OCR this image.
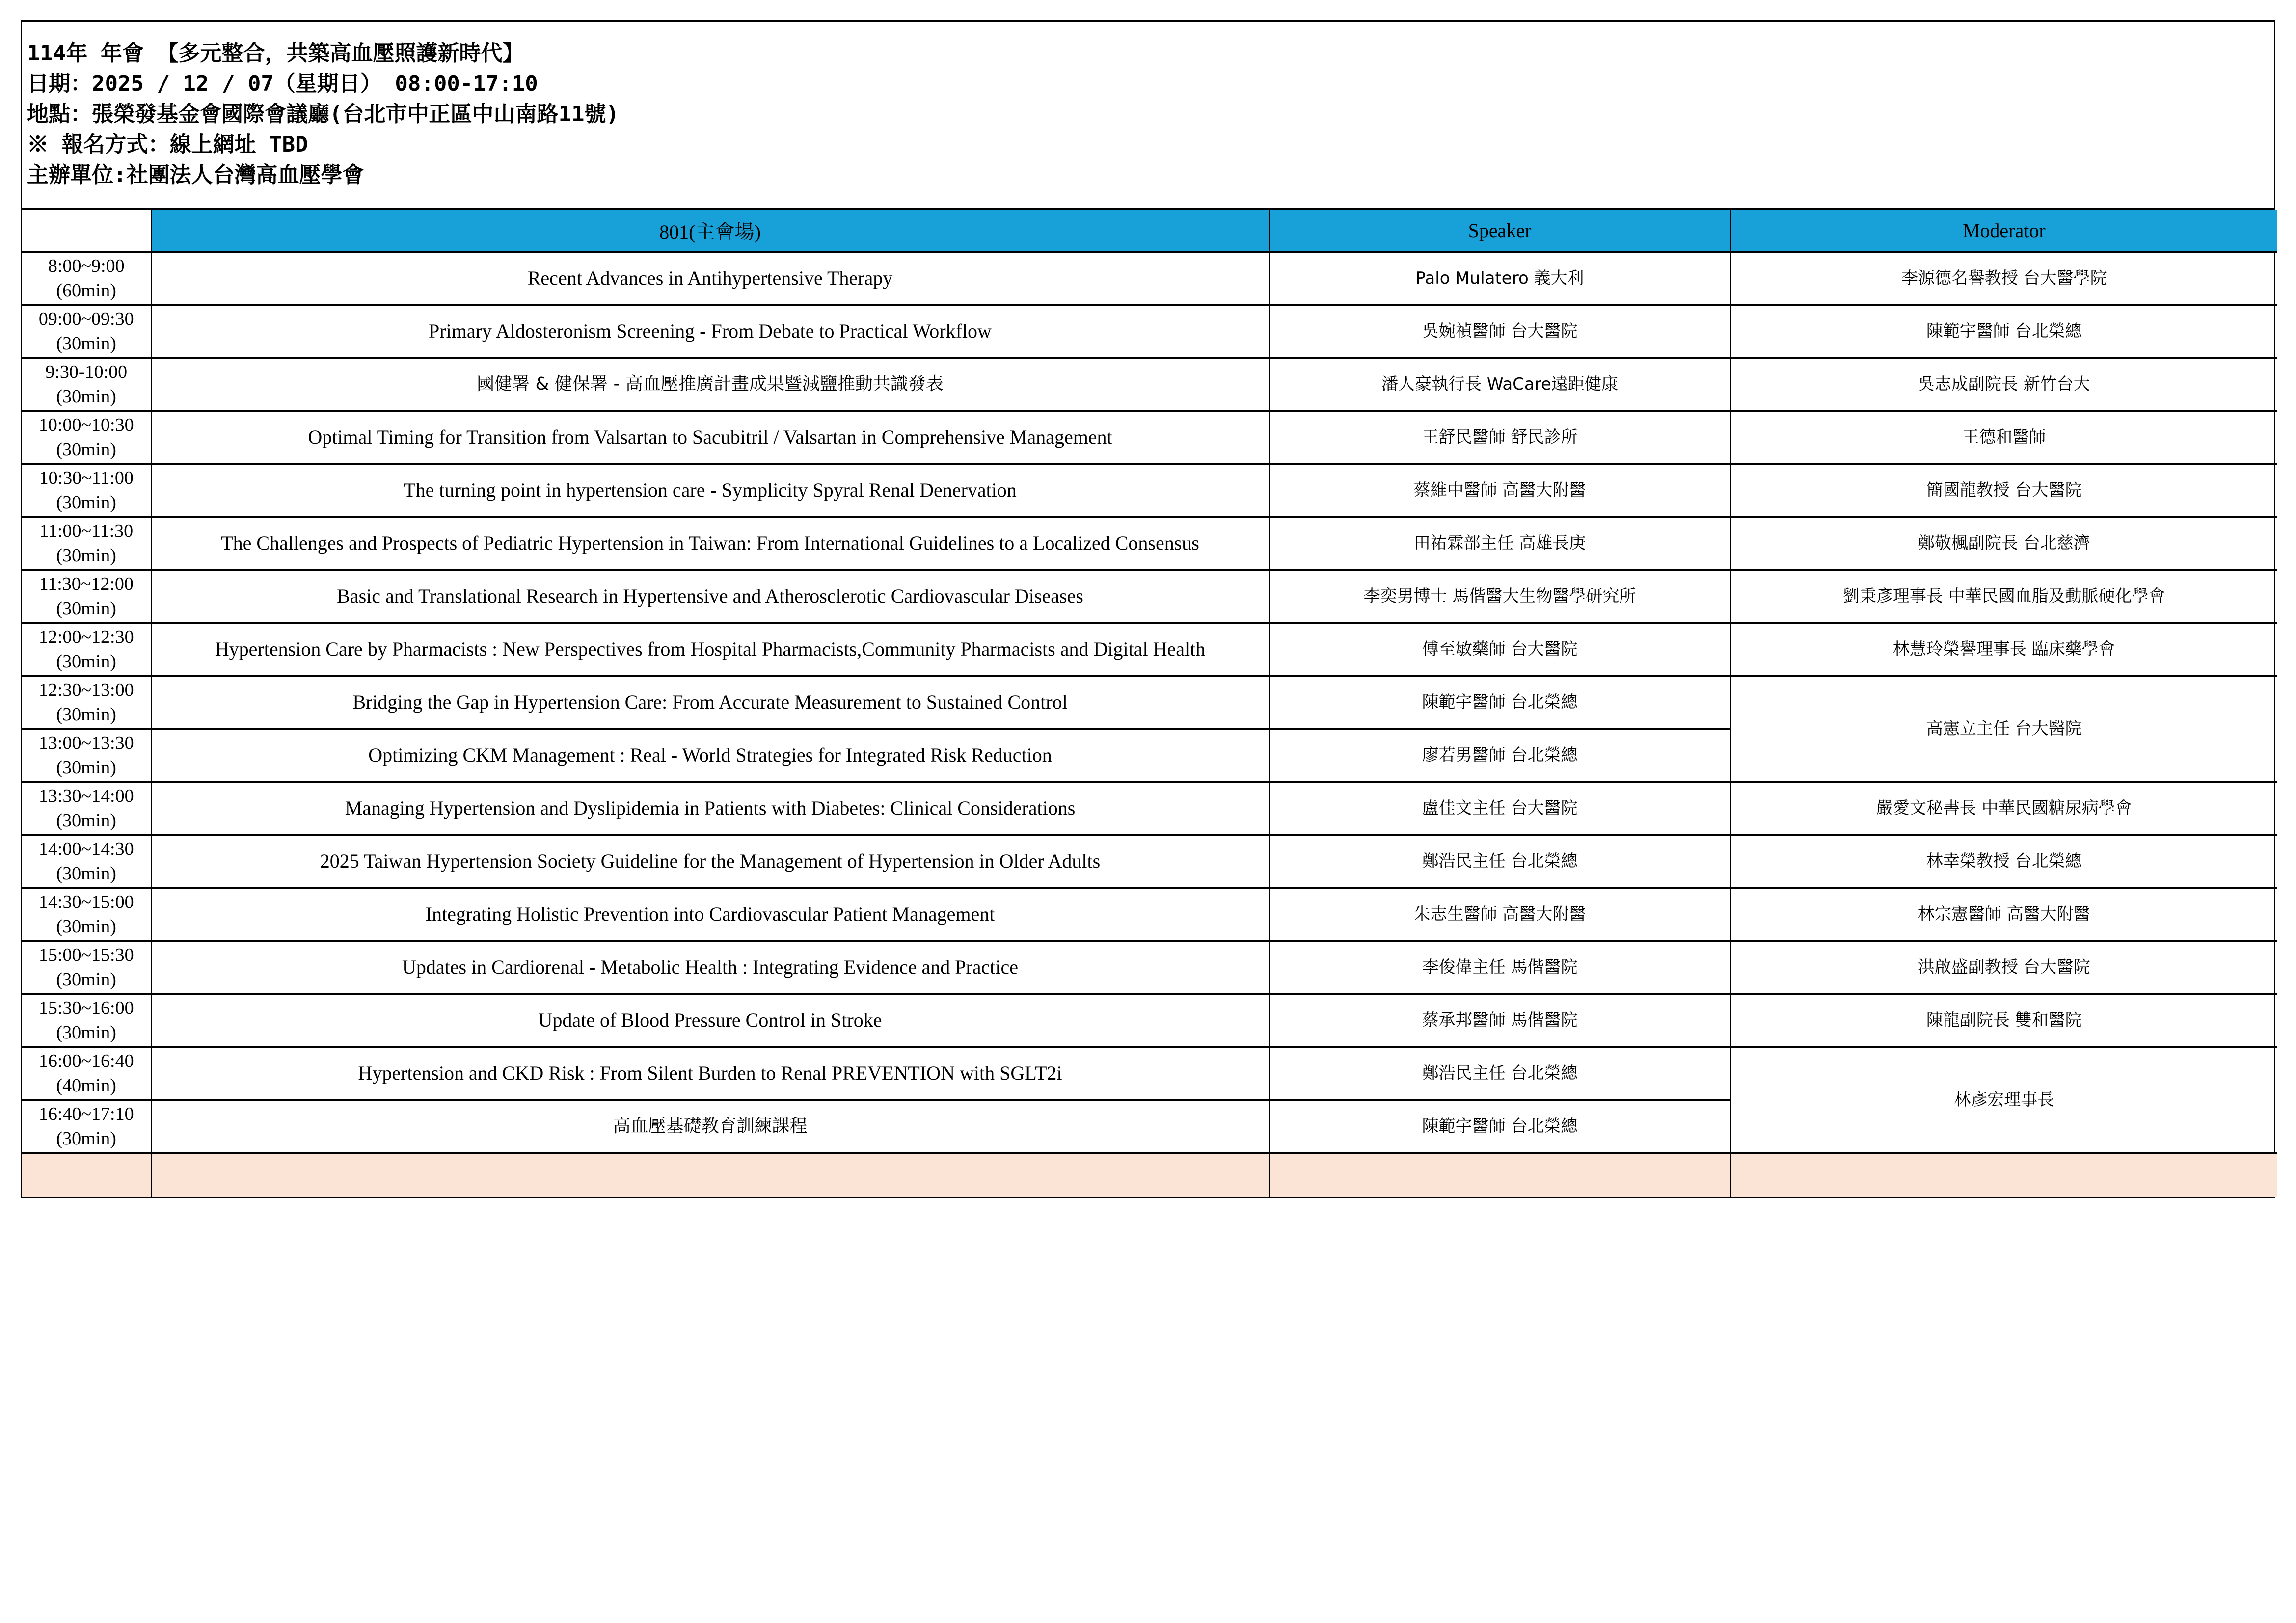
114年 年會 【多元整合，共築高血壓照護新時代】
日期：2025 / 12 / 07（星期日） 08:00-17:10
地點：張榮發基金會國際會議廳(台北市中正區中山南路11號)
※ 報名方式：線上網址 TBD
主辦單位:社團法人台灣高血壓學會
	801(主會場)	Speaker	Moderator

8:00~9:00
(60min)	Recent Advances in Antihypertensive Therapy	Palo Mulatero 義大利	李源德名譽教授 台大醫學院

09:00~09:30
(30min)	Primary Aldosteronism Screening - From Debate to Practical Workflow	吳婉禎醫師 台大醫院	陳範宇醫師 台北榮總

9:30-10:00
(30min)	國健署 & 健保署 - 高血壓推廣計畫成果暨減鹽推動共識發表	潘人豪執行長 WaCare遠距健康	吳志成副院長 新竹台大

10:00~10:30
(30min)	Optimal Timing for Transition from Valsartan to Sacubitril / Valsartan in Comprehensive Management	王舒民醫師 舒民診所	王德和醫師

10:30~11:00
(30min)	The turning point in hypertension care - Symplicity Spyral Renal Denervation	蔡維中醫師 高醫大附醫	簡國龍教授 台大醫院

11:00~11:30
(30min)	The Challenges and Prospects of Pediatric Hypertension in Taiwan: From International Guidelines to a Localized Consensus	田祐霖部主任 高雄長庚	鄭敬楓副院長 台北慈濟

11:30~12:00
(30min)	Basic and Translational Research in Hypertensive and Atherosclerotic Cardiovascular Diseases	李奕男博士 馬偕醫大生物醫學研究所	劉秉彥理事長 中華民國血脂及動脈硬化學會

12:00~12:30
(30min)	Hypertension Care by Pharmacists : New Perspectives from Hospital Pharmacists,Community Pharmacists and Digital Health	傅至敏藥師 台大醫院	林慧玲榮譽理事長 臨床藥學會

12:30~13:00
(30min)	Bridging the Gap in Hypertension Care: From Accurate Measurement to Sustained Control	陳範宇醫師 台北榮總	高憲立主任 台大醫院

13:00~13:30
(30min)	Optimizing CKM Management : Real - World Strategies for Integrated Risk Reduction	廖若男醫師 台北榮總	

13:30~14:00
(30min)	Managing Hypertension and Dyslipidemia in Patients with Diabetes: Clinical Considerations	盧佳文主任 台大醫院	嚴愛文秘書長 中華民國糖尿病學會

14:00~14:30
(30min)	2025 Taiwan Hypertension Society Guideline for the Management of Hypertension in Older Adults	鄭浩民主任 台北榮總	林幸榮教授 台北榮總

14:30~15:00
(30min)	Integrating Holistic Prevention into Cardiovascular Patient Management	朱志生醫師 高醫大附醫	林宗憲醫師 高醫大附醫

15:00~15:30
(30min)	Updates in Cardiorenal - Metabolic Health : Integrating Evidence and Practice	李俊偉主任 馬偕醫院	洪啟盛副教授 台大醫院

15:30~16:00
(30min)	Update of Blood Pressure Control in Stroke	蔡承邦醫師 馬偕醫院	陳龍副院長 雙和醫院

16:00~16:40
(40min)	Hypertension and CKD Risk : From Silent Burden to Renal PREVENTION with SGLT2i	鄭浩民主任 台北榮總	林彥宏理事長

16:40~17:10
(30min)	高血壓基礎教育訓練課程	陳範宇醫師 台北榮總	
